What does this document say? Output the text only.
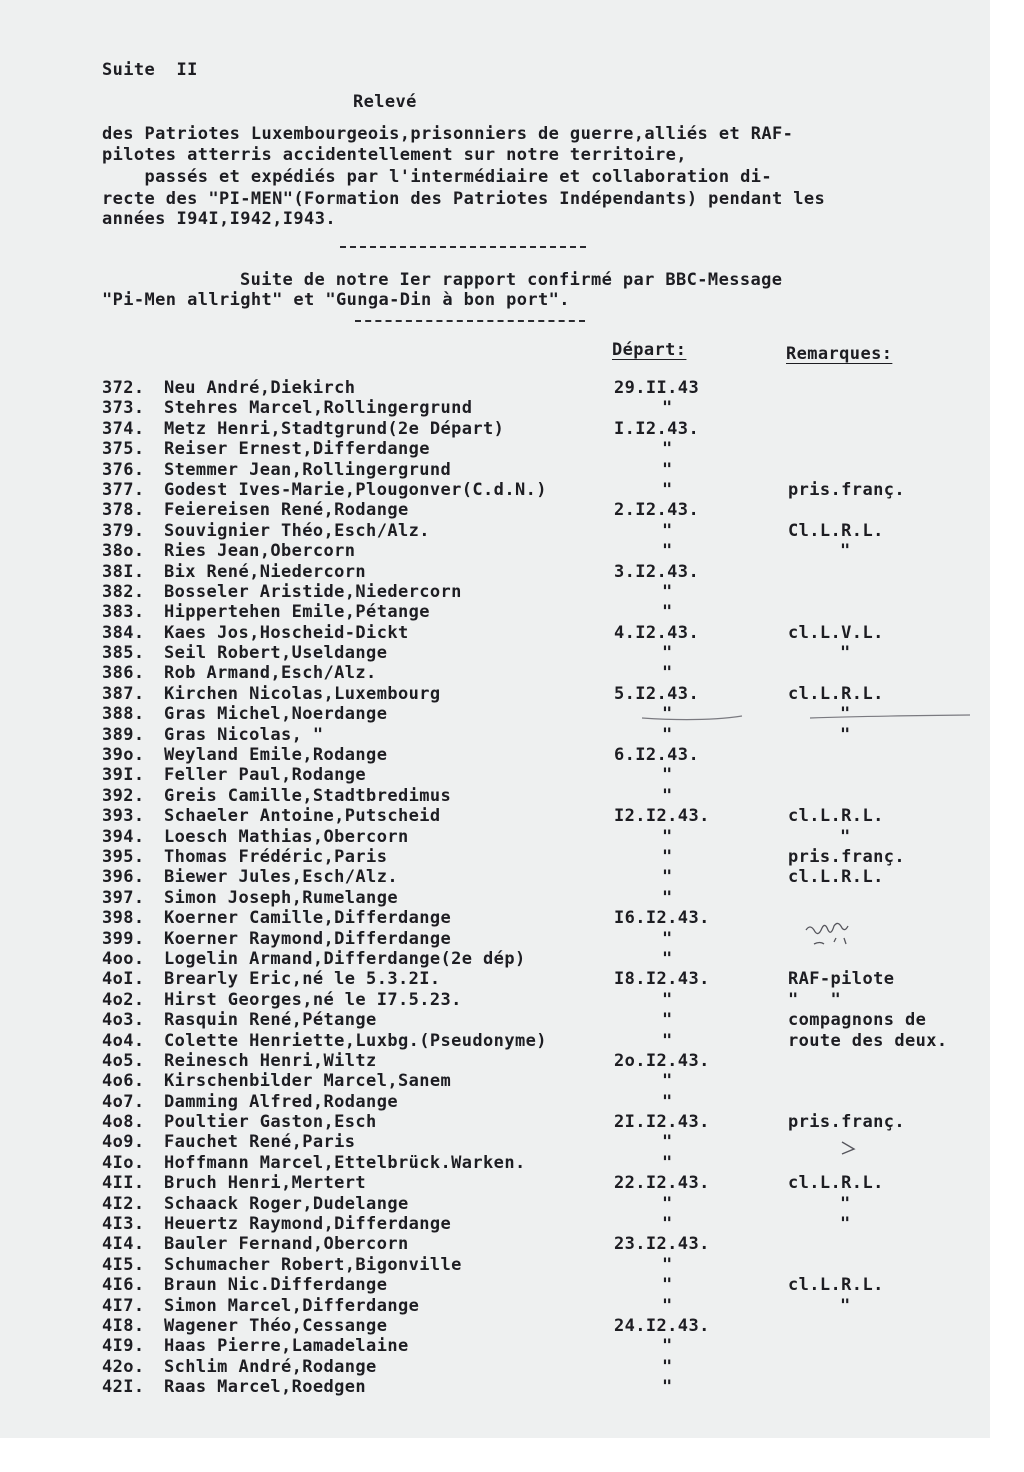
Suite  II
Relevé
des Patriotes Luxembourgeois,prisonniers de guerre,alliés et RAF-
pilotes atterris accidentellement sur notre territoire,
passés et expédiés par l'intermédiaire et collaboration di-
recte des "PI-MEN"(Formation des Patriotes Indépendants) pendant les
années I94I,I942,I943.
Suite de notre Ier rapport confirmé par BBC-Message
"Pi-Men allright" et "Gunga-Din à bon port".
Départ:	Remarques:
372. Neu André,Diekirch	29.II.43
373. Stehres Marcel,Rollingergrund	"
374. Metz Henri,Stadtgrund(2e Départ)	I.I2.43.
375. Reiser Ernest,Differdange	"
376. Stemmer Jean,Rollingergrund	"
377. Godest Ives-Marie,Plougonver(C.d.N.)	"	pris.franç.
378. Feiereisen René,Rodange	2.I2.43.
379. Souvignier Théo,Esch/Alz.	"	Cl.L.R.L.
38o. Ries Jean,Obercorn	"	"
38I. Bix René,Niedercorn	3.I2.43.
382. Bosseler Aristide,Niedercorn	"
383. Hippertehen Emile,Pétange	"
384. Kaes Jos,Hoscheid-Dickt	4.I2.43.	cl.L.V.L.
385. Seil Robert,Useldange	"	"
386. Rob Armand,Esch/Alz.	"
387. Kirchen Nicolas,Luxembourg	5.I2.43.	cl.L.R.L.
388. Gras Michel,Noerdange	"	"
389. Gras Nicolas, "	"	"
39o. Weyland Emile,Rodange	6.I2.43.
39I. Feller Paul,Rodange	"
392. Greis Camille,Stadtbredimus	"
393. Schaeler Antoine,Putscheid	I2.I2.43.	cl.L.R.L.
394. Loesch Mathias,Obercorn	"	"
395. Thomas Frédéric,Paris	"	pris.franç.
396. Biewer Jules,Esch/Alz.	"	cl.L.R.L.
397. Simon Joseph,Rumelange	"
398. Koerner Camille,Differdange	I6.I2.43.
399. Koerner Raymond,Differdange	"
4oo. Logelin Armand,Differdange(2e dép)	"
4oI. Brearly Eric,né le 5.3.2I.	I8.I2.43.	RAF-pilote
4o2. Hirst Georges,né le I7.5.23.	"	"   "
4o3. Rasquin René,Pétange	"	compagnons de
4o4. Colette Henriette,Luxbg.(Pseudonyme)	"	route des deux.
4o5. Reinesch Henri,Wiltz	2o.I2.43.
4o6. Kirschenbilder Marcel,Sanem	"
4o7. Damming Alfred,Rodange	"
4o8. Poultier Gaston,Esch	2I.I2.43.	pris.franç.
4o9. Fauchet René,Paris	"
4Io. Hoffmann Marcel,Ettelbrück.Warken.	"
4II. Bruch Henri,Mertert	22.I2.43.	cl.L.R.L.
4I2. Schaack Roger,Dudelange	"	"
4I3. Heuertz Raymond,Differdange	"	"
4I4. Bauler Fernand,Obercorn	23.I2.43.
4I5. Schumacher Robert,Bigonville	"
4I6. Braun Nic.Differdange	"	cl.L.R.L.
4I7. Simon Marcel,Differdange	"	"
4I8. Wagener Théo,Cessange	24.I2.43.
4I9. Haas Pierre,Lamadelaine	"
42o. Schlim André,Rodange	"
42I. Raas Marcel,Roedgen	"
